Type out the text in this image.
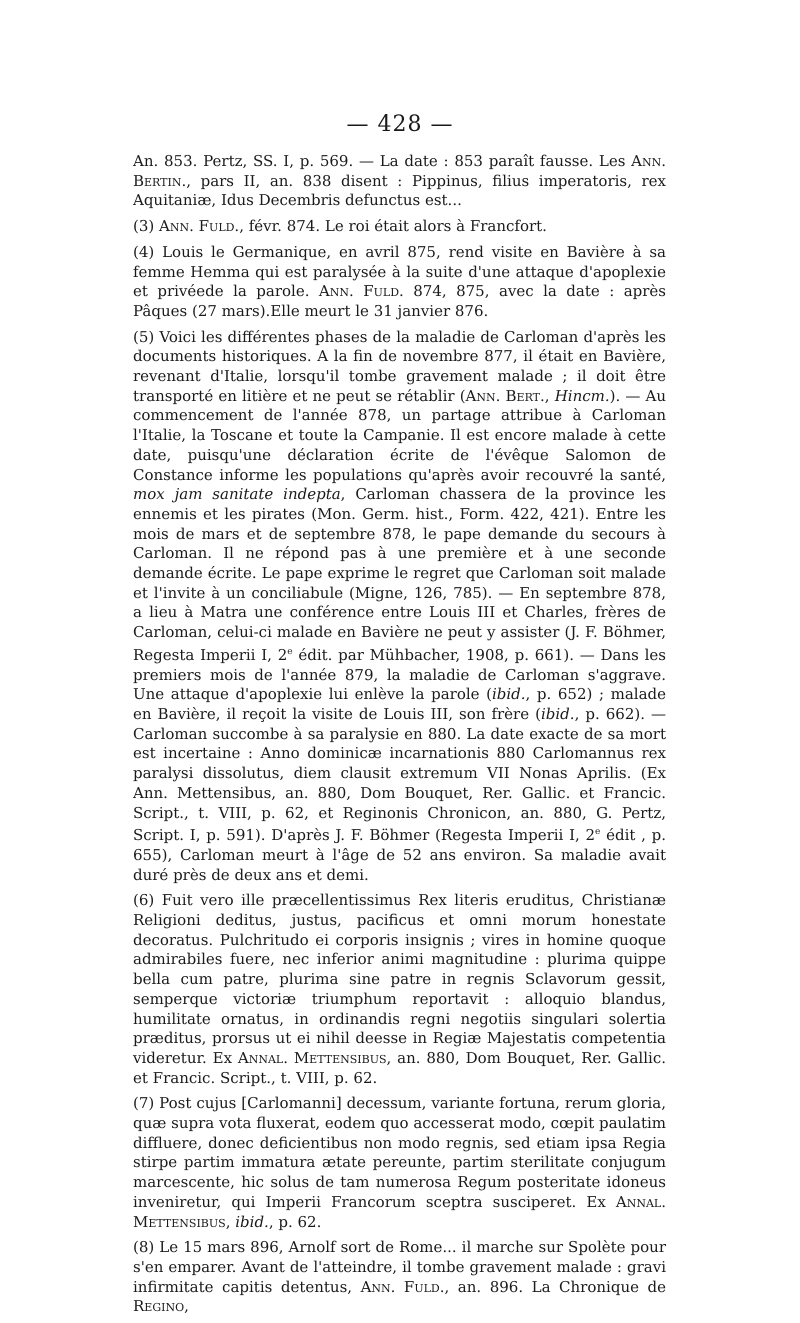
— 428 —

An. 853. Pertz, SS. I, p. 569. — La date : 853 paraît fausse. Les Ann. Bertin., pars II, an. 838 disent : Pippinus, filius imperatoris, rex Aquitaniæ, Idus Decembris defunctus est...

(3) Ann. Fuld., févr. 874. Le roi était alors à Francfort.

(4) Louis le Germanique, en avril 875, rend visite en Bavière à sa femme Hemma qui est paralysée à la suite d'une attaque d'apoplexie et privéede la parole. Ann. Fuld. 874, 875, avec la date : après Pâques (27 mars).Elle meurt le 31 janvier 876.

(5) Voici les différentes phases de la maladie de Carloman d'après les documents historiques. A la fin de novembre 877, il était en Bavière, revenant d'Italie, lorsqu'il tombe gravement malade ; il doit être transporté en litière et ne peut se rétablir (Ann. Bert., Hincm.). — Au commencement de l'année 878, un partage attribue à Carloman l'Italie, la Toscane et toute la Campanie. Il est encore malade à cette date, puisqu'une déclaration écrite de l'évêque Salomon de Constance informe les populations qu'après avoir recouvré la santé, mox jam sanitate indepta, Carloman chassera de la province les ennemis et les pirates (Mon. Germ. hist., Form. 422, 421). Entre les mois de mars et de septembre 878, le pape demande du secours à Carloman. Il ne répond pas à une première et à une seconde demande écrite. Le pape exprime le regret que Carloman soit malade et l'invite à un conciliabule (Migne, 126, 785). — En septembre 878, a lieu à Matra une conférence entre Louis III et Charles, frères de Carloman, celui-ci malade en Bavière ne peut y assister (J. F. Böhmer, Regesta Imperii I, 2e édit. par Mühbacher, 1908, p. 661). — Dans les premiers mois de l'année 879, la maladie de Carloman s'aggrave. Une attaque d'apoplexie lui enlève la parole (ibid., p. 652) ; malade en Bavière, il reçoit la visite de Louis III, son frère (ibid., p. 662). — Carloman succombe à sa paralysie en 880. La date exacte de sa mort est incertaine : Anno dominicæ incarnationis 880 Carlomannus rex paralysi dissolutus, diem clausit extremum VII Nonas Aprilis. (Ex Ann. Mettensibus, an. 880, Dom Bouquet, Rer. Gallic. et Francic. Script., t. VIII, p. 62, et Reginonis Chronicon, an. 880, G. Pertz, Script. I, p. 591). D'après J. F. Böhmer (Regesta Imperii I, 2e édit , p. 655), Carloman meurt à l'âge de 52 ans environ. Sa maladie avait duré près de deux ans et demi.

(6) Fuit vero ille præcellentissimus Rex literis eruditus, Christianæ Religioni deditus, justus, pacificus et omni morum honestate decoratus. Pulchritudo ei corporis insignis ; vires in homine quoque admirabiles fuere, nec inferior animi magnitudine : plurima quippe bella cum patre, plurima sine patre in regnis Sclavorum gessit, semperque victoriæ triumphum reportavit : alloquio blandus, humilitate ornatus, in ordinandis regni negotiis singulari solertia præditus, prorsus ut ei nihil deesse in Regiæ Majestatis competentia videretur. Ex Annal. Mettensibus, an. 880, Dom Bouquet, Rer. Gallic. et Francic. Script., t. VIII, p. 62.

(7) Post cujus [Carlomanni] decessum, variante fortuna, rerum gloria, quæ supra vota fluxerat, eodem quo accesserat modo, cœpit paulatim diffluere, donec deficientibus non modo regnis, sed etiam ipsa Regia stirpe partim immatura ætate pereunte, partim sterilitate conjugum marcescente, hic solus de tam numerosa Regum posteritate idoneus inveniretur, qui Imperii Francorum sceptra susciperet. Ex Annal. Mettensibus, ibid., p. 62.

(8) Le 15 mars 896, Arnolf sort de Rome... il marche sur Spolète pour s'en emparer. Avant de l'atteindre, il tombe gravement malade : gravi infirmitate capitis detentus, Ann. Fuld., an. 896. La Chronique de Regino,
